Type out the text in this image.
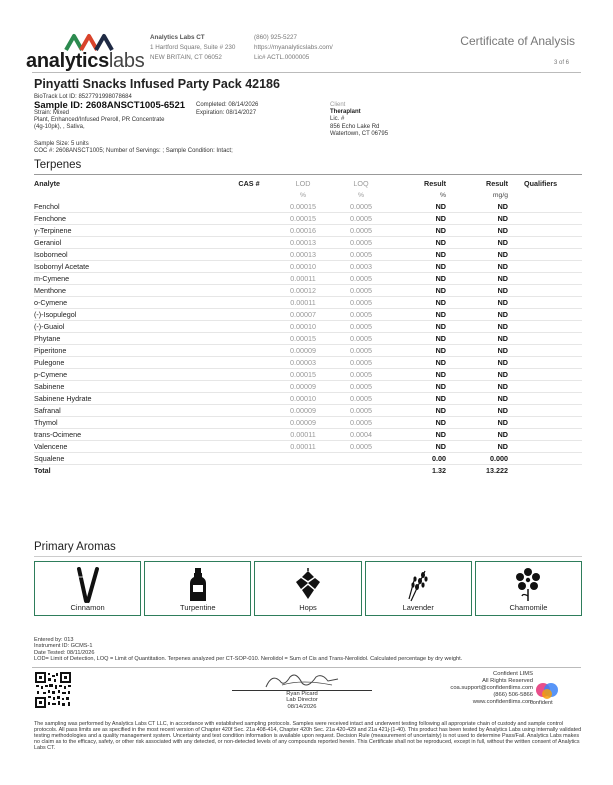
analyticslabs
Analytics Labs CT
1 Hartford Square, Suite # 230
NEW BRITAIN, CT 06052
(860) 925-5227
https://myanalyticslabs.com/
Lic# ACTL.0000005
Certificate of Analysis
3 of 6
Pinyatti Snacks Infused Party Pack 42186
BioTrack Lot ID: 8527791998078684
Sample ID: 2608ANSCT1005-6521 Completed: 08/14/2026
Expiration: 08/14/2027
Strain: Mixed
Plant, Enhanced/Infused Preroll, PR Concentrate
(4g-10pk), , Sativa,
Client
Theraplant
Lic. #
856 Echo Lake Rd
Watertown, CT 06795
Sample Size: 5 units
COC #: 2608ANSCT1005; Number of Servings: ; Sample Condition: Intact;
Terpenes
Analyte	CAS #	LOD	LOQ	Result	Result	Qualifiers
		%	%	%	mg/g	
Fenchol		0.00015	0.0005	ND	ND	
Fenchone		0.00015	0.0005	ND	ND	
γ-Terpinene		0.00016	0.0005	ND	ND	
Geraniol		0.00013	0.0005	ND	ND	
Isoborneol		0.00013	0.0005	ND	ND	
Isobornyl Acetate		0.00010	0.0003	ND	ND	
m-Cymene		0.00011	0.0005	ND	ND	
Menthone		0.00012	0.0005	ND	ND	
o-Cymene		0.00011	0.0005	ND	ND	
(-)-Isopulegol		0.00007	0.0005	ND	ND	
(-)-Guaiol		0.00010	0.0005	ND	ND	
Phytane		0.00015	0.0005	ND	ND	
Piperitone		0.00009	0.0005	ND	ND	
Pulegone		0.00003	0.0005	ND	ND	
p-Cymene		0.00015	0.0005	ND	ND	
Sabinene		0.00009	0.0005	ND	ND	
Sabinene Hydrate		0.00010	0.0005	ND	ND	
Safranal		0.00009	0.0005	ND	ND	
Thymol		0.00009	0.0005	ND	ND	
trans-Ocimene		0.00011	0.0004	ND	ND	
Valencene		0.00011	0.0005	ND	ND	
Squalene				0.00	0.000	
Total				1.32	13.222	
Primary Aromas
Cinnamon	Turpentine	Hops	Lavender	Chamomile
Entered by: 013
Instrument ID: GCMS-1
Date Tested: 08/11/2026
LOD= Limit of Detection, LOQ = Limit of Quantitation. Terpenes analyzed per CT-SOP-010. Nerolidol = Sum of Cis and Trans-Nerolidol. Calculated percentage by dry weight.
Ryan Picard
Lab Director
08/14/2026
Confident LIMS
All Rights Reserved
coa.support@confidentlims.com
(866) 506-5866
www.confidentlims.com
confident
The sampling was performed by Analytics Labs CT LLC, in accordance with established sampling protocols. Samples were received intact and underwent testing following all appropriate chain of custody and sample control protocols. All pass limits are as specified in the most recent version of Chapter 420f Sec. 21a 408-414, Chapter 420h Sec. 21a 420-429 and 21a 421j-(1-40). This product has been tested by Analytics Labs using internally validated testing methodologies and a quality management system. Uncertainty and test condition information is available upon request. Decision Rule (measurement of uncertainty) is not used to determine Pass/Fail. Analytics Labs makes no claim as to the efficacy, safety, or other risk associated with any detected, or non-detected levels of any compounds reported herein. This Certificate shall not be reproduced, except in full, without the written consent of Analytics Labs CT.
